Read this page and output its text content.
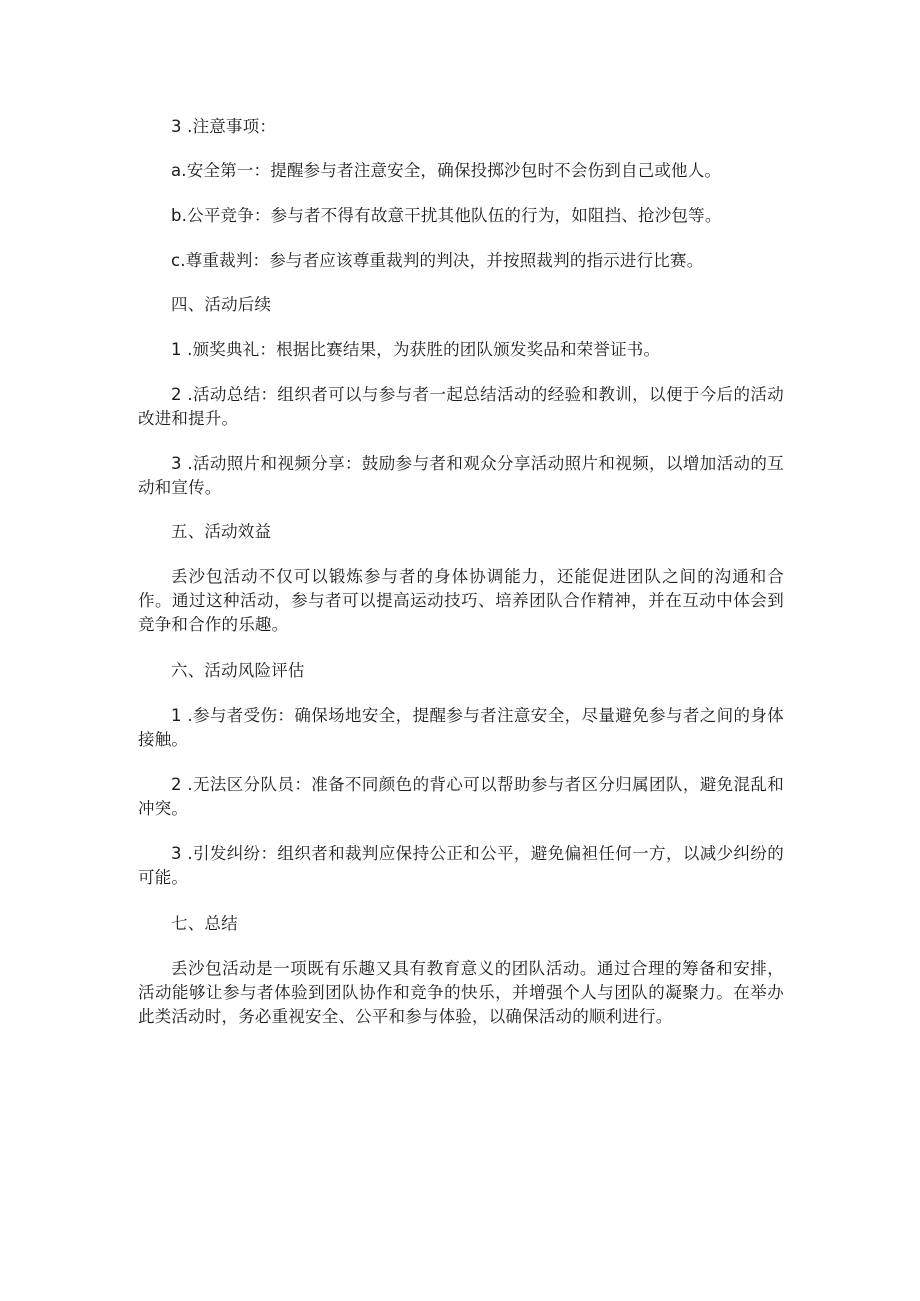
3 .注意事项：
a.安全第一：提醒参与者注意安全，确保投掷沙包时不会伤到自己或他人。
b.公平竞争：参与者不得有故意干扰其他队伍的行为，如阻挡、抢沙包等。
c.尊重裁判：参与者应该尊重裁判的判决，并按照裁判的指示进行比赛。
四、活动后续
1 .颁奖典礼：根据比赛结果，为获胜的团队颁发奖品和荣誉证书。
2 .活动总结：组织者可以与参与者一起总结活动的经验和教训，以便于今后的活动改进和提升。
3 .活动照片和视频分享：鼓励参与者和观众分享活动照片和视频，以增加活动的互动和宣传。
五、活动效益
丢沙包活动不仅可以锻炼参与者的身体协调能力，还能促进团队之间的沟通和合作。通过这种活动，参与者可以提高运动技巧、培养团队合作精神，并在互动中体会到竞争和合作的乐趣。
六、活动风险评估
1 .参与者受伤：确保场地安全，提醒参与者注意安全，尽量避免参与者之间的身体接触。
2 .无法区分队员：准备不同颜色的背心可以帮助参与者区分归属团队，避免混乱和冲突。
3 .引发纠纷：组织者和裁判应保持公正和公平，避免偏袒任何一方，以减少纠纷的可能。
七、总结
丢沙包活动是一项既有乐趣又具有教育意义的团队活动。通过合理的筹备和安排，活动能够让参与者体验到团队协作和竞争的快乐，并增强个人与团队的凝聚力。在举办此类活动时，务必重视安全、公平和参与体验，以确保活动的顺利进行。
